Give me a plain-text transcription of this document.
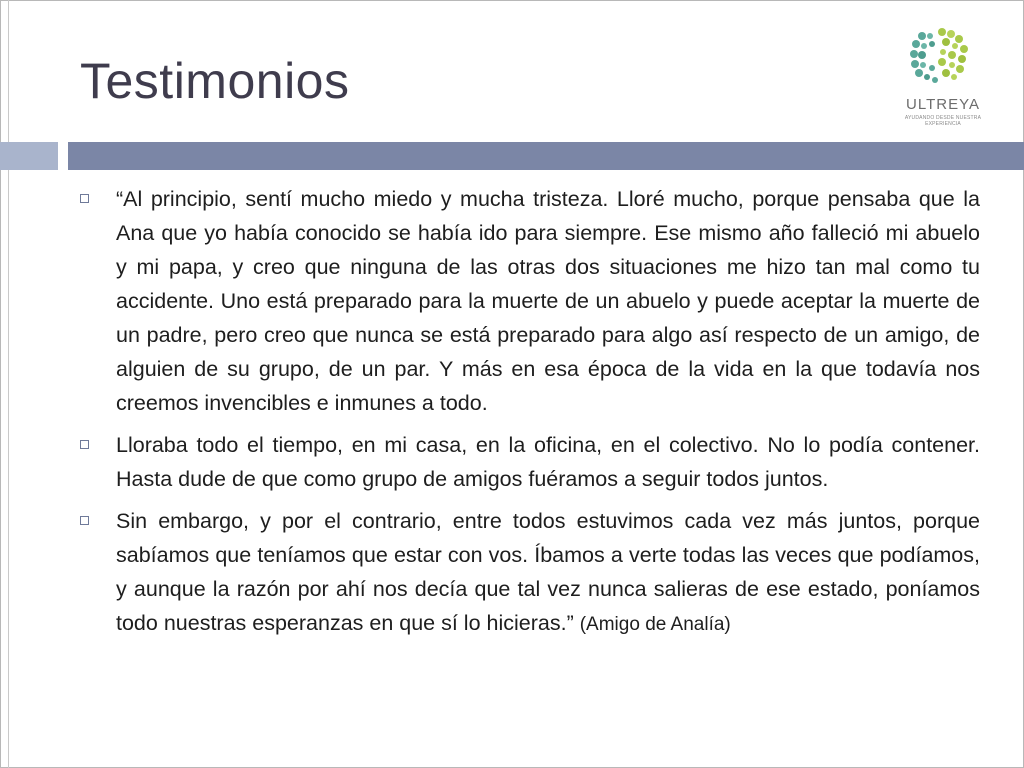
Testimonios	ULTREYA
AYUDANDO DESDE NUESTRA EXPERIENCIA
“Al principio, sentí mucho miedo y mucha tristeza. Lloré mucho, porque pensaba que la Ana que yo había conocido se había ido para siempre. Ese mismo año falleció mi abuelo y mi papa, y creo que ninguna de las otras dos situaciones me hizo tan mal como tu accidente. Uno está preparado para la muerte de un abuelo y puede aceptar la muerte de un padre, pero creo que nunca se está preparado para algo así respecto de un amigo, de alguien de su grupo, de un par. Y más en esa época de la vida en la que todavía nos creemos invencibles e inmunes a todo.
Lloraba todo el tiempo, en mi casa, en la oficina, en el colectivo. No lo podía contener. Hasta dude de que como grupo de amigos fuéramos a seguir todos juntos.
Sin embargo, y por el contrario, entre todos estuvimos cada vez más juntos, porque sabíamos que teníamos que estar con vos. Íbamos a verte todas las veces que podíamos, y aunque la razón por ahí nos decía que tal vez nunca salieras de ese estado, poníamos todo nuestras esperanzas en que sí lo hicieras.” (Amigo de Analía)
